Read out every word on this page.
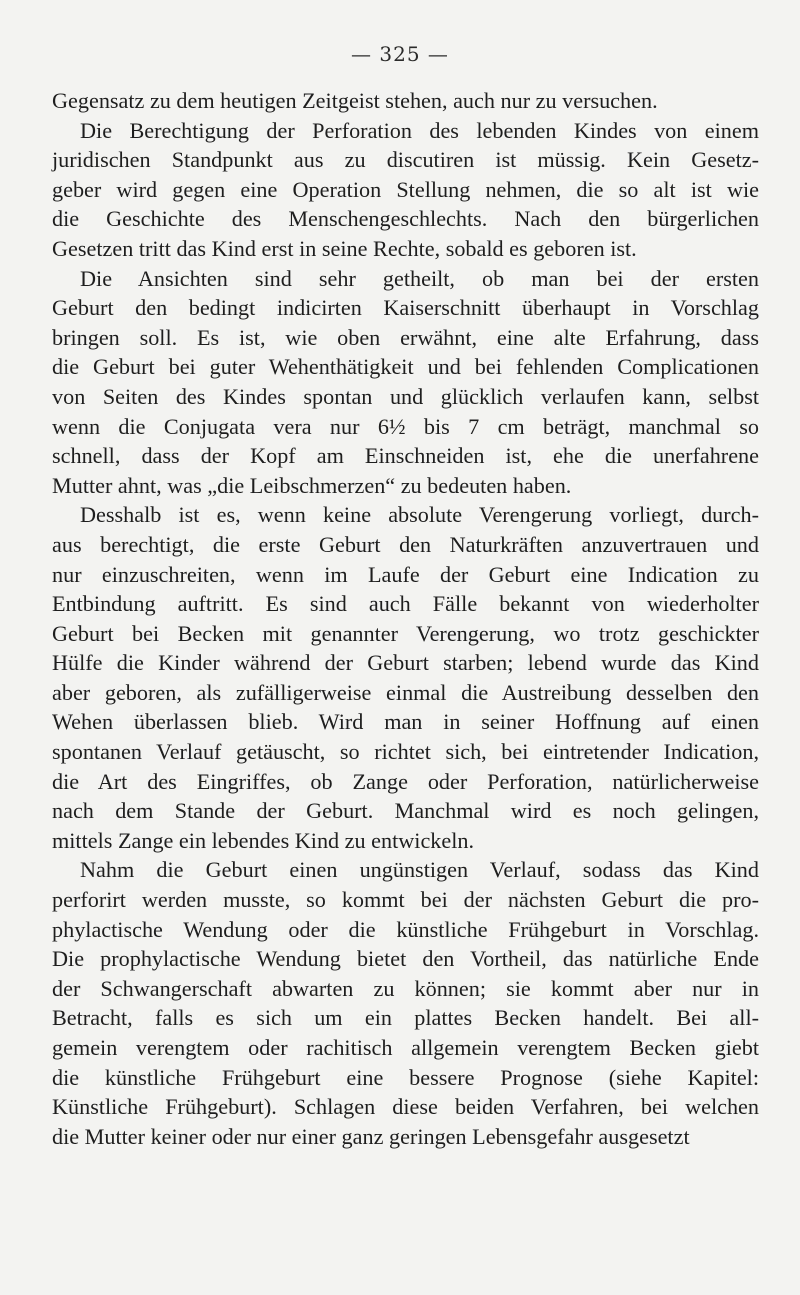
— 325 —
Gegensatz zu dem heutigen Zeitgeist stehen, auch nur zu versuchen.
Die Berechtigung der Perforation des lebenden Kindes von einem
juridischen Standpunkt aus zu discutiren ist müssig. Kein Gesetz-
geber wird gegen eine Operation Stellung nehmen, die so alt ist wie
die Geschichte des Menschengeschlechts. Nach den bürgerlichen
Gesetzen tritt das Kind erst in seine Rechte, sobald es geboren ist.
Die Ansichten sind sehr getheilt, ob man bei der ersten
Geburt den bedingt indicirten Kaiserschnitt überhaupt in Vorschlag
bringen soll. Es ist, wie oben erwähnt, eine alte Erfahrung, dass
die Geburt bei guter Wehenthätigkeit und bei fehlenden Complicationen
von Seiten des Kindes spontan und glücklich verlaufen kann, selbst
wenn die Conjugata vera nur 6½ bis 7 cm beträgt, manchmal so
schnell, dass der Kopf am Einschneiden ist, ehe die unerfahrene
Mutter ahnt, was „die Leibschmerzen“ zu bedeuten haben.
Desshalb ist es, wenn keine absolute Verengerung vorliegt, durch-
aus berechtigt, die erste Geburt den Naturkräften anzuvertrauen und
nur einzuschreiten, wenn im Laufe der Geburt eine Indication zu
Entbindung auftritt. Es sind auch Fälle bekannt von wiederholter
Geburt bei Becken mit genannter Verengerung, wo trotz geschickter
Hülfe die Kinder während der Geburt starben; lebend wurde das Kind
aber geboren, als zufälligerweise einmal die Austreibung desselben den
Wehen überlassen blieb. Wird man in seiner Hoffnung auf einen
spontanen Verlauf getäuscht, so richtet sich, bei eintretender Indication,
die Art des Eingriffes, ob Zange oder Perforation, natürlicherweise
nach dem Stande der Geburt. Manchmal wird es noch gelingen,
mittels Zange ein lebendes Kind zu entwickeln.
Nahm die Geburt einen ungünstigen Verlauf, sodass das Kind
perforirt werden musste, so kommt bei der nächsten Geburt die pro-
phylactische Wendung oder die künstliche Frühgeburt in Vorschlag.
Die prophylactische Wendung bietet den Vortheil, das natürliche Ende
der Schwangerschaft abwarten zu können; sie kommt aber nur in
Betracht, falls es sich um ein plattes Becken handelt. Bei all-
gemein verengtem oder rachitisch allgemein verengtem Becken giebt
die künstliche Frühgeburt eine bessere Prognose (siehe Kapitel:
Künstliche Frühgeburt). Schlagen diese beiden Verfahren, bei welchen
die Mutter keiner oder nur einer ganz geringen Lebensgefahr ausgesetzt
